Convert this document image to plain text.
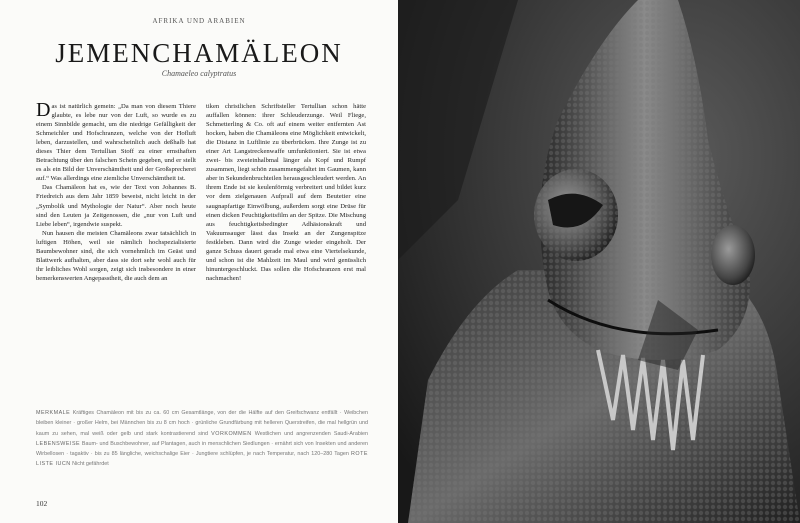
AFRIKA UND ARABIEN
JEMENCHAMÄLEON
Chamaeleo calyptratus

Das ist natürlich gemein: „Da man von diesem Thiere glaubte, es lebe nur von der Luft, so wurde es zu einem Sinnbilde gemacht, um die niedrige Gefälligkeit der Schmeichler und Hofschranzen, welche von der Hofluft leben, darzustellen, und wahrscheinlich auch deßhalb hat dieses Thier dem Tertullian Stoff zu einer ernsthaften Betrachtung über den falschen Schein gegeben, und er stellt es als ein Bild der Unverschämtheit und der Großsprecherei auf.“ Was allerdings eine ziemliche Unverschämtheit ist.

Das Chamäleon hat es, wie der Text von Johannes B. Friedreich aus dem Jahr 1859 beweist, nicht leicht in der „Symbolik und Mythologie der Natur“. Aber noch heute sind den Leuten ja Zeitgenossen, die „nur von Luft und Liebe leben“, irgendwie suspekt.

Nun hausen die meisten Chamäleons zwar tatsächlich in luftigen Höhen, weil sie nämlich hochspezialisierte Baumbewohner sind, die sich vornehmlich im Geäst und Blattwerk aufhalten, aber dass sie dort sehr wohl auch für ihr leibliches Wohl sorgen, zeigt sich insbesondere in einer bemerkenswerten Angepasstheit, die auch dem an

tiken christlichen Schriftsteller Tertullian schon hätte auffallen können: ihrer Schleuderzunge. Weil Fliege, Schmetterling & Co. oft auf einem weiter entfernten Ast hocken, haben die Chamäleons eine Möglichkeit entwickelt, die Distanz in Luftlinie zu überbrücken. Ihre Zunge ist zu einer Art Langstreckenwaffe umfunktioniert. Sie ist etwa zwei- bis zweieinhalbmal länger als Kopf und Rumpf zusammen, liegt schön zusammengefaltet im Gaumen, kann aber in Sekundenbruchteilen herausgeschleudert werden. An ihrem Ende ist sie keulenförmig verbreitert und bildet kurz vor dem zielgenauen Aufprall auf dem Beutetier eine saugnapfartige Einwölbung, außerdem sorgt eine Drüse für einen dicken Feuchtigkeitsfilm an der Spitze. Die Mischung aus feuchtigkeitsbedingter Adhäsionskraft und Vakuumsauger lässt das Insekt an der Zungenspitze festkleben. Dann wird die Zunge wieder eingeholt. Der ganze Schuss dauert gerade mal etwa eine Viertelsekunde, und schon ist die Mahlzeit im Maul und wird genüsslich hinuntergeschluckt. Das sollen die Hofschranzen erst mal nachmachen!

MERKMALE Kräftiges Chamäleon mit bis zu ca. 60 cm Gesamtlänge, von der die Hälfte auf den Greifschwanz entfällt · Weibchen bleiben kleiner · großer Helm, bei Männchen bis zu 8 cm hoch · grünliche Grundfärbung mit helleren Querstreifen, die mal hellgrün und kaum zu sehen, mal weiß oder gelb und stark kontrastierend sind VORKOMMEN Westlichen und angrenzenden Saudi-Arabien LEBENSWEISE Baum- und Buschbewohner, auf Plantagen, auch in menschlichen Siedlungen · ernährt sich von Insekten und anderen Wirbellosen · tagaktiv · bis zu 85 längliche, weichschalige Eier · Jungtiere schlüpfen, je nach Temperatur, nach 120–280 Tagen ROTE LISTE IUCN Nicht gefährdet
102
